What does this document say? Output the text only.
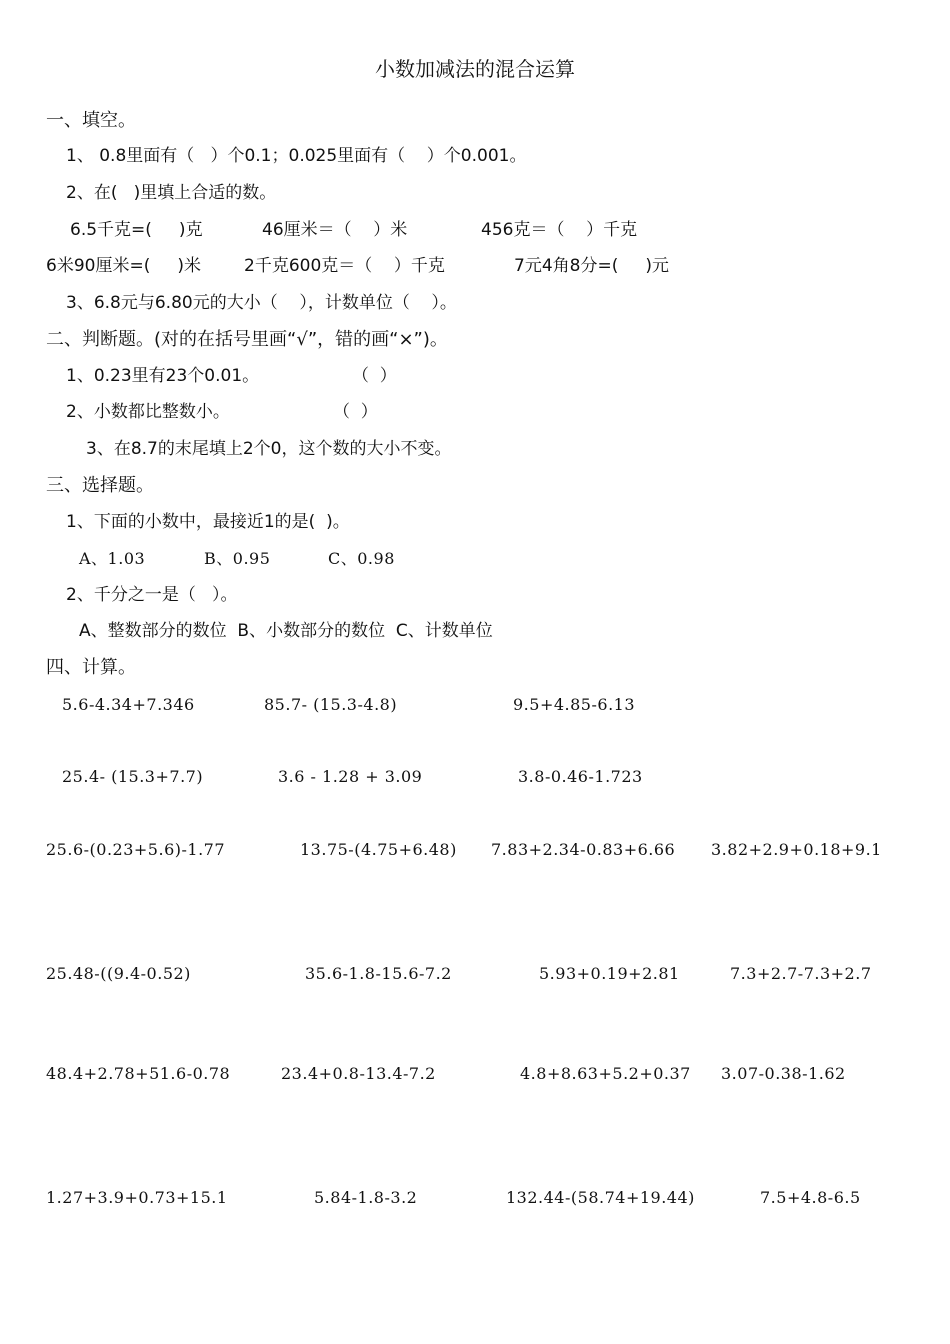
小数加减法的混合运算
一、填空。
1、 0.8里面有（   ）个0.1；0.025里面有（    ）个0.001。
2、在(   )里填上合适的数。
6.5千克=(     )克	46厘米＝（    ）米	456克＝（    ）千克
6米90厘米=(     )米	2千克600克＝（    ）千克	7元4角8分=(     )元
3、6.8元与6.80元的大小（    ），计数单位（    ）。
二、判断题。(对的在括号里画“√”，错的画“×”)。
1、0.23里有23个0.01。	（  ）
2、小数都比整数小。	（  ）
3、在8.7的末尾填上2个0，这个数的大小不变。
三、选择题。
1、下面的小数中，最接近1的是(  )。
A、1.03	B、0.95	C、0.98
2、千分之一是（   ）。
A、整数部分的数位  B、小数部分的数位  C、计数单位
四、计算。
5.6-4.34+7.346	85.7- (15.3-4.8)	9.5+4.85-6.13
25.4- (15.3+7.7)	3.6 - 1.28 + 3.09	3.8-0.46-1.723
25.6-(0.23+5.6)-1.77	13.75-(4.75+6.48) 7.83+2.34-0.83+6.66 3.82+2.9+0.18+9.1
25.48-((9.4-0.52)	35.6-1.8-15.6-7.2	5.93+0.19+2.81	7.3+2.7-7.3+2.7
48.4+2.78+51.6-0.78	23.4+0.8-13.4-7.2	4.8+8.63+5.2+0.37 3.07-0.38-1.62
1.27+3.9+0.73+15.1	5.84-1.8-3.2	132.44-(58.74+19.44)	7.5+4.8-6.5
